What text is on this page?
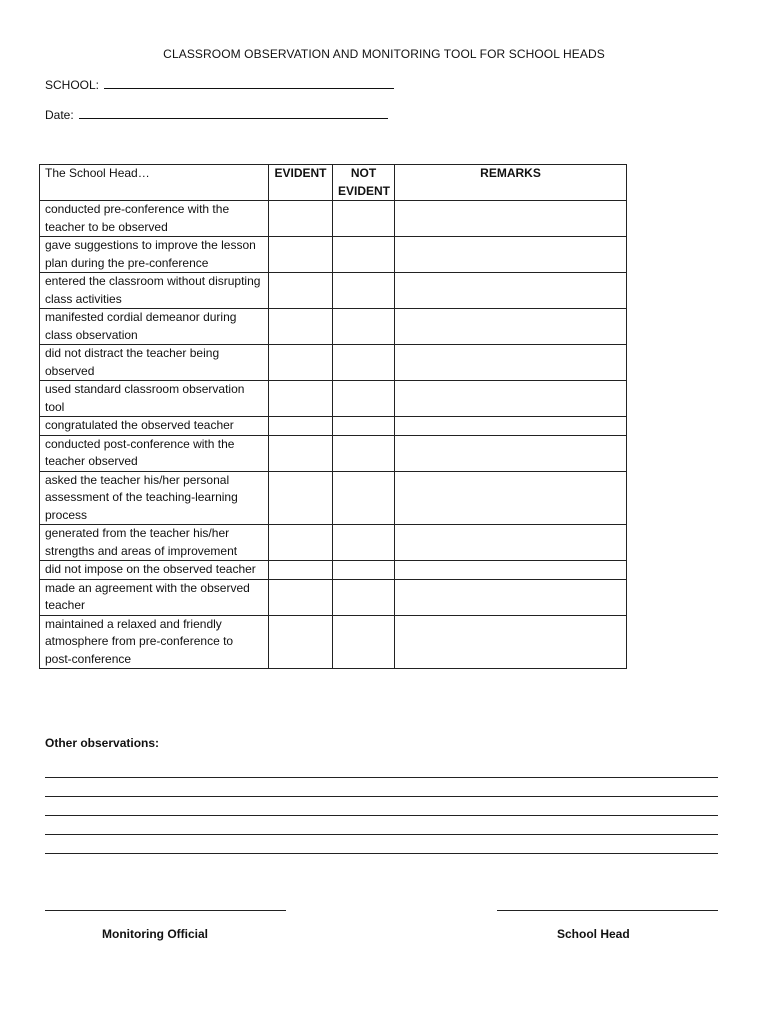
CLASSROOM OBSERVATION AND MONITORING TOOL FOR SCHOOL HEADS
SCHOOL:
Date:
The School Head…	EVIDENT	NOT EVIDENT	REMARKS
conducted pre-conference with the teacher to be observed			
gave suggestions to improve the lesson plan during the pre-conference			
entered the classroom without disrupting class activities			
manifested cordial demeanor during class observation			
did not distract the teacher being observed			
used standard classroom observation tool			
congratulated the observed teacher			
conducted post-conference with the teacher observed			
asked the teacher his/her personal assessment of the teaching-learning process			
generated from the teacher his/her strengths and areas of improvement			
did not impose on the observed teacher			
made an agreement with the observed teacher			
maintained a relaxed and friendly atmosphere from pre-conference to post-conference			
Other observations:
Monitoring Official	School Head
